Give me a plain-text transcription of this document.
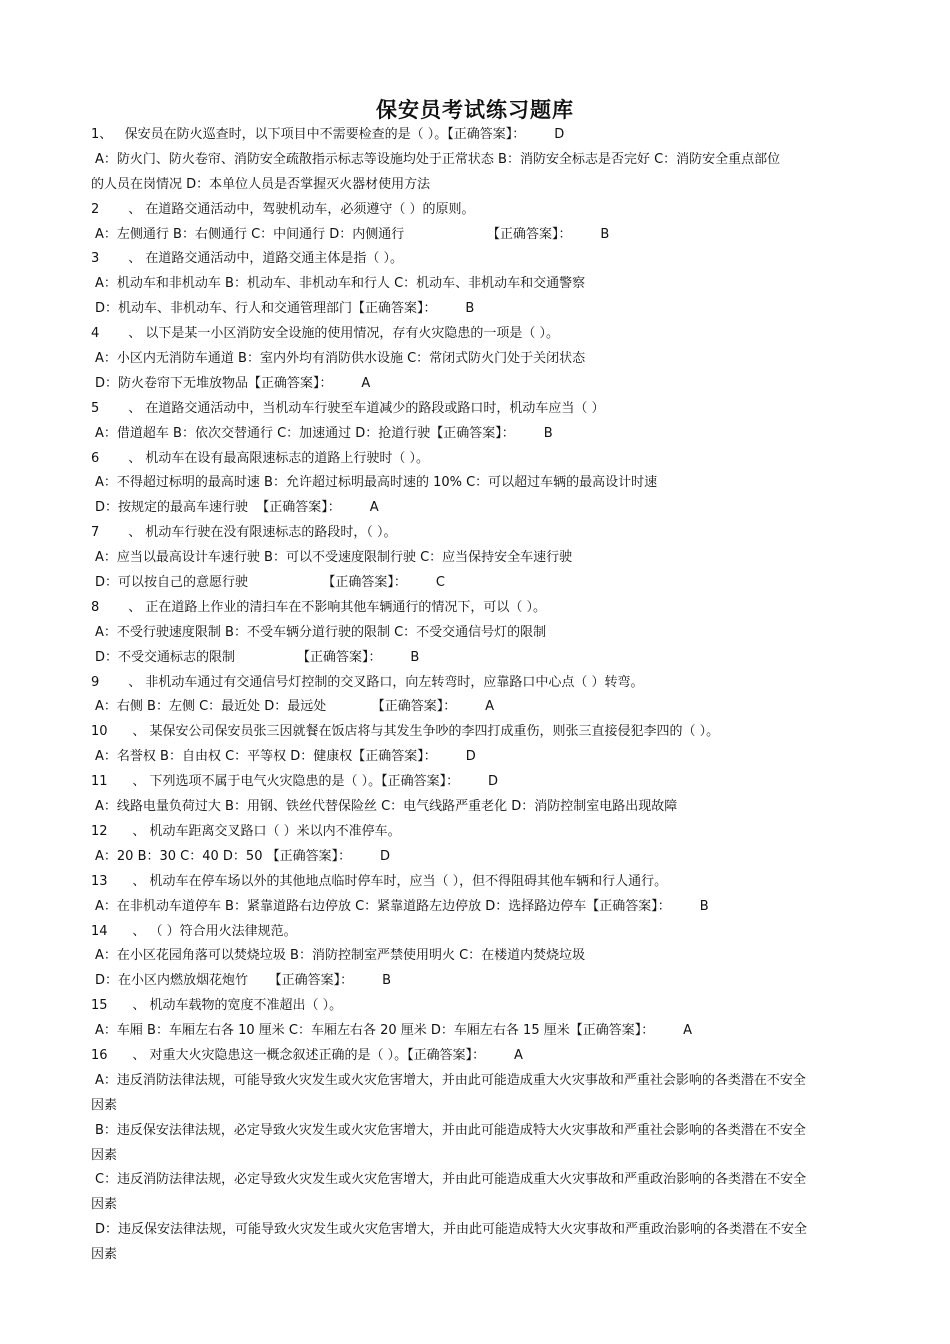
保安员考试练习题库
1、   保安员在防火巡查时，以下项目中不需要检查的是（ ）。【正确答案】：       D
A：防火门、防火卷帘、消防安全疏散指示标志等设施均处于正常状态 B：消防安全标志是否完好 C：消防安全重点部位
的人员在岗情况 D：本单位人员是否掌握灭火器材使用方法
2       、 在道路交通活动中，驾驶机动车，必须遵守（ ）的原则。
A：左侧通行 B：右侧通行 C：中间通行 D：内侧通行                    【正确答案】：       B
3       、 在道路交通活动中，道路交通主体是指（ ）。
A：机动车和非机动车 B：机动车、非机动车和行人 C：机动车、非机动车和交通警察
D：机动车、非机动车、行人和交通管理部门【正确答案】：       B
4       、 以下是某一小区消防安全设施的使用情况，存有火灾隐患的一项是（ ）。
A：小区内无消防车通道 B：室内外均有消防供水设施 C：常闭式防火门处于关闭状态
D：防火卷帘下无堆放物品【正确答案】：       A
5       、 在道路交通活动中，当机动车行驶至车道减少的路段或路口时，机动车应当（ ）
A：借道超车 B：依次交替通行 C：加速通过 D：抢道行驶【正确答案】：       B
6       、 机动车在设有最高限速标志的道路上行驶时（ ）。
A：不得超过标明的最高时速 B：允许超过标明最高时速的 10% C：可以超过车辆的最高设计时速
D：按规定的最高车速行驶  【正确答案】：       A
7       、 机动车行驶在没有限速标志的路段时，（ ）。
A：应当以最高设计车速行驶 B：可以不受速度限制行驶 C：应当保持安全车速行驶
D：可以按自己的意愿行驶                  【正确答案】：       C
8       、 正在道路上作业的清扫车在不影响其他车辆通行的情况下，可以（ ）。
A：不受行驶速度限制 B：不受车辆分道行驶的限制 C：不受交通信号灯的限制
D：不受交通标志的限制               【正确答案】：       B
9       、 非机动车通过有交通信号灯控制的交叉路口，向左转弯时，应靠路口中心点（ ）转弯。
A：右侧 B：左侧 C：最近处 D：最远处           【正确答案】：       A
10      、 某保安公司保安员张三因就餐在饭店将与其发生争吵的李四打成重伤，则张三直接侵犯李四的（ ）。
A：名誉权 B：自由权 C：平等权 D：健康权【正确答案】：       D
11      、 下列选项不属于电气火灾隐患的是（ ）。【正确答案】：       D
A：线路电量负荷过大 B：用钢、铁丝代替保险丝 C：电气线路严重老化 D：消防控制室电路出现故障
12      、 机动车距离交叉路口（ ）米以内不准停车。
A：20 B：30 C：40 D：50 【正确答案】：       D
13      、 机动车在停车场以外的其他地点临时停车时，应当（ ），但不得阻碍其他车辆和行人通行。
A：在非机动车道停车 B：紧靠道路右边停放 C：紧靠道路左边停放 D：选择路边停车【正确答案】：       B
14      、 （ ）符合用火法律规范。
A：在小区花园角落可以焚烧垃圾 B：消防控制室严禁使用明火 C：在楼道内焚烧垃圾
D：在小区内燃放烟花炮竹     【正确答案】：       B
15      、 机动车载物的宽度不准超出（ ）。
A：车厢 B：车厢左右各 10 厘米 C：车厢左右各 20 厘米 D：车厢左右各 15 厘米【正确答案】：       A
16      、 对重大火灾隐患这一概念叙述正确的是（ ）。【正确答案】：       A
A：违反消防法律法规，可能导致火灾发生或火灾危害增大，并由此可能造成重大火灾事故和严重社会影响的各类潜在不安全
因素
B：违反保安法律法规，必定导致火灾发生或火灾危害增大，并由此可能造成特大火灾事故和严重社会影响的各类潜在不安全
因素
C：违反消防法律法规，必定导致火灾发生或火灾危害增大，并由此可能造成重大火灾事故和严重政治影响的各类潜在不安全
因素
D：违反保安法律法规，可能导致火灾发生或火灾危害增大，并由此可能造成特大火灾事故和严重政治影响的各类潜在不安全
因素
